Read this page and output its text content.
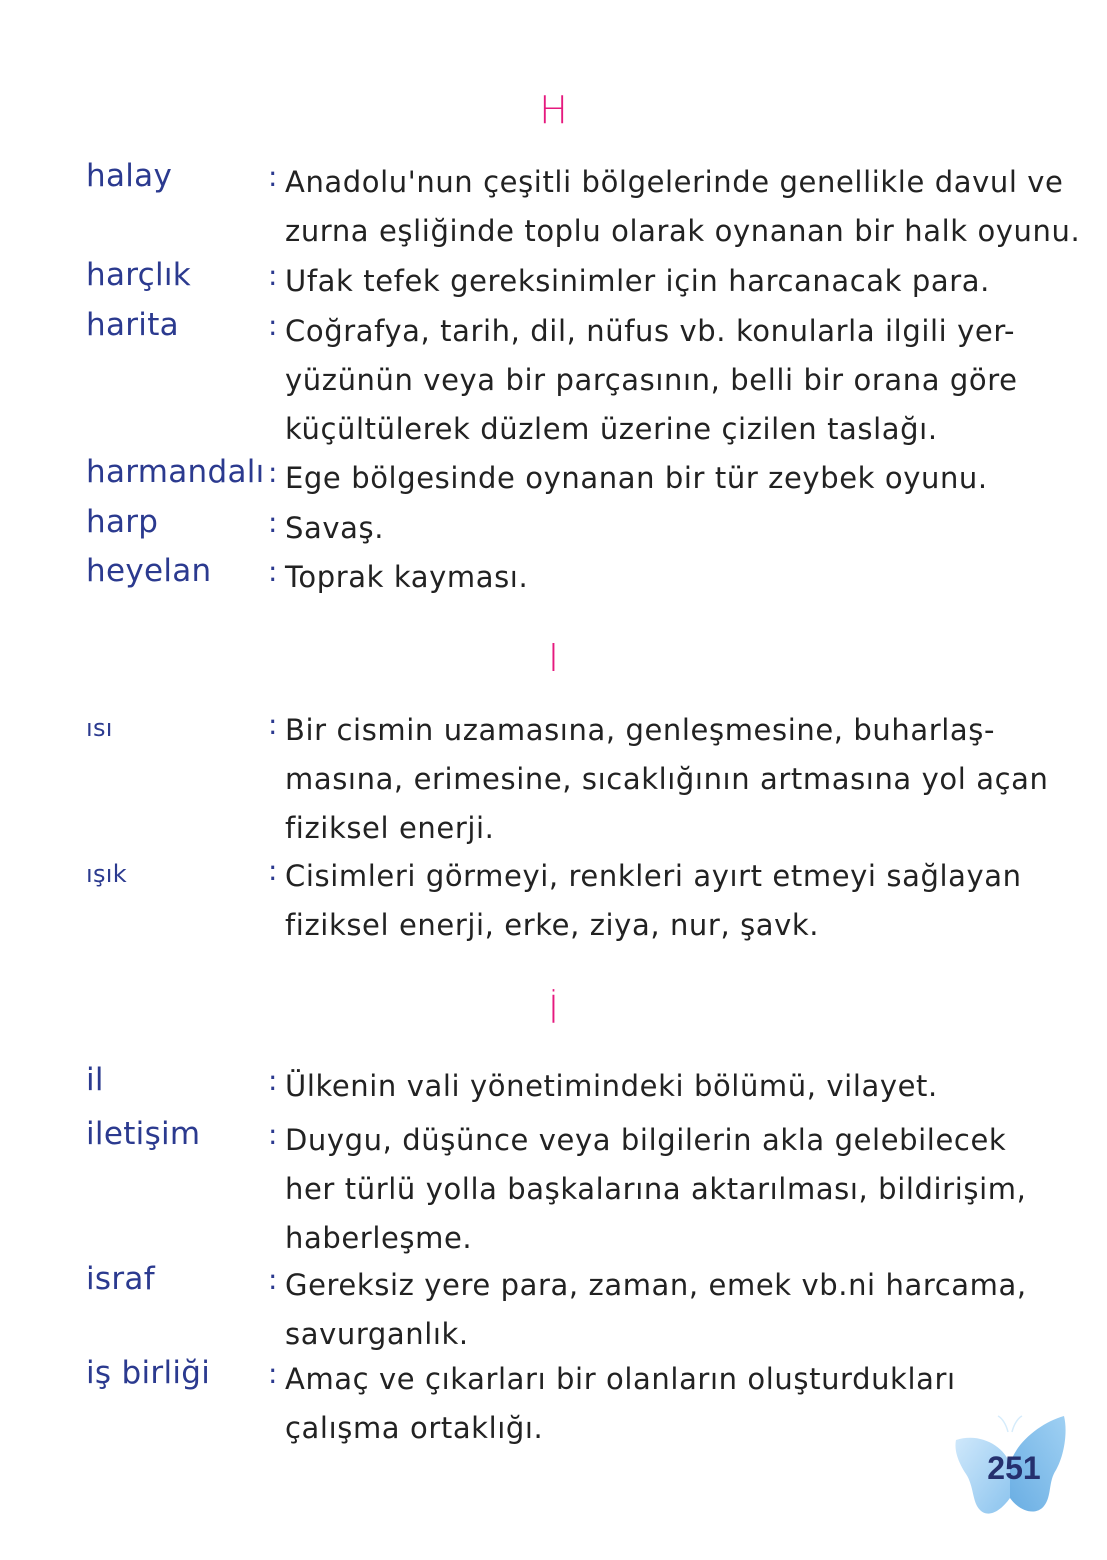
H
halay	: Anadolu'nun çeşitli bölgelerinde genellikle davul ve
zurna eşliğinde toplu olarak oynanan bir halk oyunu.
harçlık	: Ufak tefek gereksinimler için harcanacak para.
harita	: Coğrafya, tarih, dil, nüfus vb. konularla ilgili yer-
yüzünün veya bir parçasının, belli bir orana göre
küçültülerek düzlem üzerine çizilen taslağı.
harmandalı : Ege bölgesinde oynanan bir tür zeybek oyunu.
harp	: Savaş.
heyelan : Toprak kayması.
I
ısı	: Bir cismin uzamasına, genleşmesine, buharlaş-
masına, erimesine, sıcaklığının artmasına yol açan
fiziksel enerji.
ışık	: Cisimleri görmeyi, renkleri ayırt etmeyi sağlayan
fiziksel enerji, erke, ziya, nur, şavk.
İ
il	: Ülkenin vali yönetimindeki bölümü, vilayet.
iletişim : Duygu, düşünce veya bilgilerin akla gelebilecek
her türlü yolla başkalarına aktarılması, bildirişim,
haberleşme.
israf	: Gereksiz yere para, zaman, emek vb.ni harcama,
savurganlık.
iş birliği : Amaç ve çıkarları bir olanların oluşturdukları
çalışma ortaklığı.
251
